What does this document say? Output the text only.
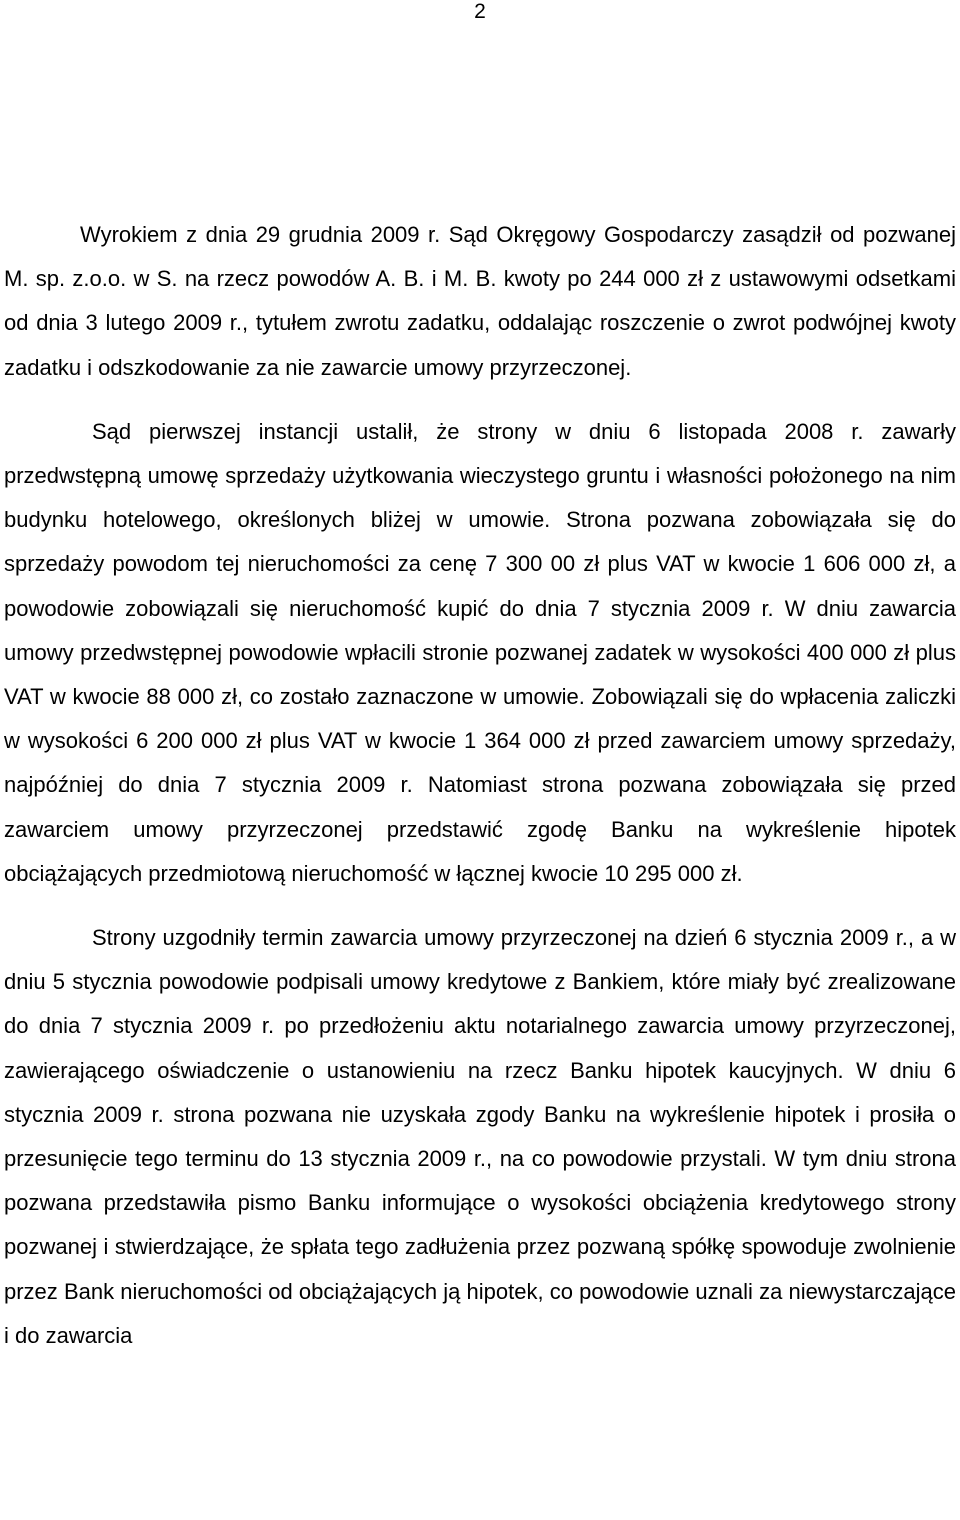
2

Wyrokiem z dnia 29 grudnia 2009 r. Sąd Okręgowy Gospodarczy zasądził od pozwanej M. sp. z.o.o. w S. na rzecz powodów A. B. i M. B. kwoty po 244 000 zł z ustawowymi odsetkami od dnia 3 lutego 2009 r., tytułem zwrotu zadatku, oddalając roszczenie o zwrot podwójnej kwoty zadatku i odszkodowanie za nie zawarcie umowy przyrzeczonej.

Sąd pierwszej instancji ustalił, że strony w dniu 6 listopada 2008 r. zawarły przedwstępną umowę sprzedaży użytkowania wieczystego gruntu i własności położonego na nim budynku hotelowego, określonych bliżej w umowie. Strona pozwana zobowiązała się do sprzedaży powodom tej nieruchomości za cenę 7 300 00 zł plus VAT w kwocie 1 606 000 zł, a powodowie zobowiązali się nieruchomość kupić do dnia 7 stycznia 2009 r. W dniu zawarcia umowy przedwstępnej powodowie wpłacili stronie pozwanej zadatek w wysokości 400 000 zł plus VAT w kwocie 88 000 zł, co zostało zaznaczone w umowie. Zobowiązali się do wpłacenia zaliczki w wysokości 6 200 000 zł plus VAT w kwocie 1 364 000 zł przed zawarciem umowy sprzedaży, najpóźniej do dnia 7 stycznia 2009 r. Natomiast strona pozwana zobowiązała się przed zawarciem umowy przyrzeczonej przedstawić zgodę Banku na wykreślenie hipotek obciążających przedmiotową nieruchomość w łącznej kwocie 10 295 000 zł.

Strony uzgodniły termin zawarcia umowy przyrzeczonej na dzień 6 stycznia 2009 r., a w dniu 5 stycznia powodowie podpisali umowy kredytowe z Bankiem, które miały być zrealizowane do dnia 7 stycznia 2009 r. po przedłożeniu aktu notarialnego zawarcia umowy przyrzeczonej, zawierającego oświadczenie o ustanowieniu na rzecz Banku hipotek kaucyjnych. W dniu 6 stycznia 2009 r. strona pozwana nie uzyskała zgody Banku na wykreślenie hipotek i prosiła o przesunięcie tego terminu do 13 stycznia 2009 r., na co powodowie przystali. W tym dniu strona pozwana przedstawiła pismo Banku informujące o wysokości obciążenia kredytowego strony pozwanej i stwierdzające, że spłata tego zadłużenia przez pozwaną spółkę spowoduje zwolnienie przez Bank nieruchomości od obciążających ją hipotek, co powodowie uznali za niewystarczające i do zawarcia
